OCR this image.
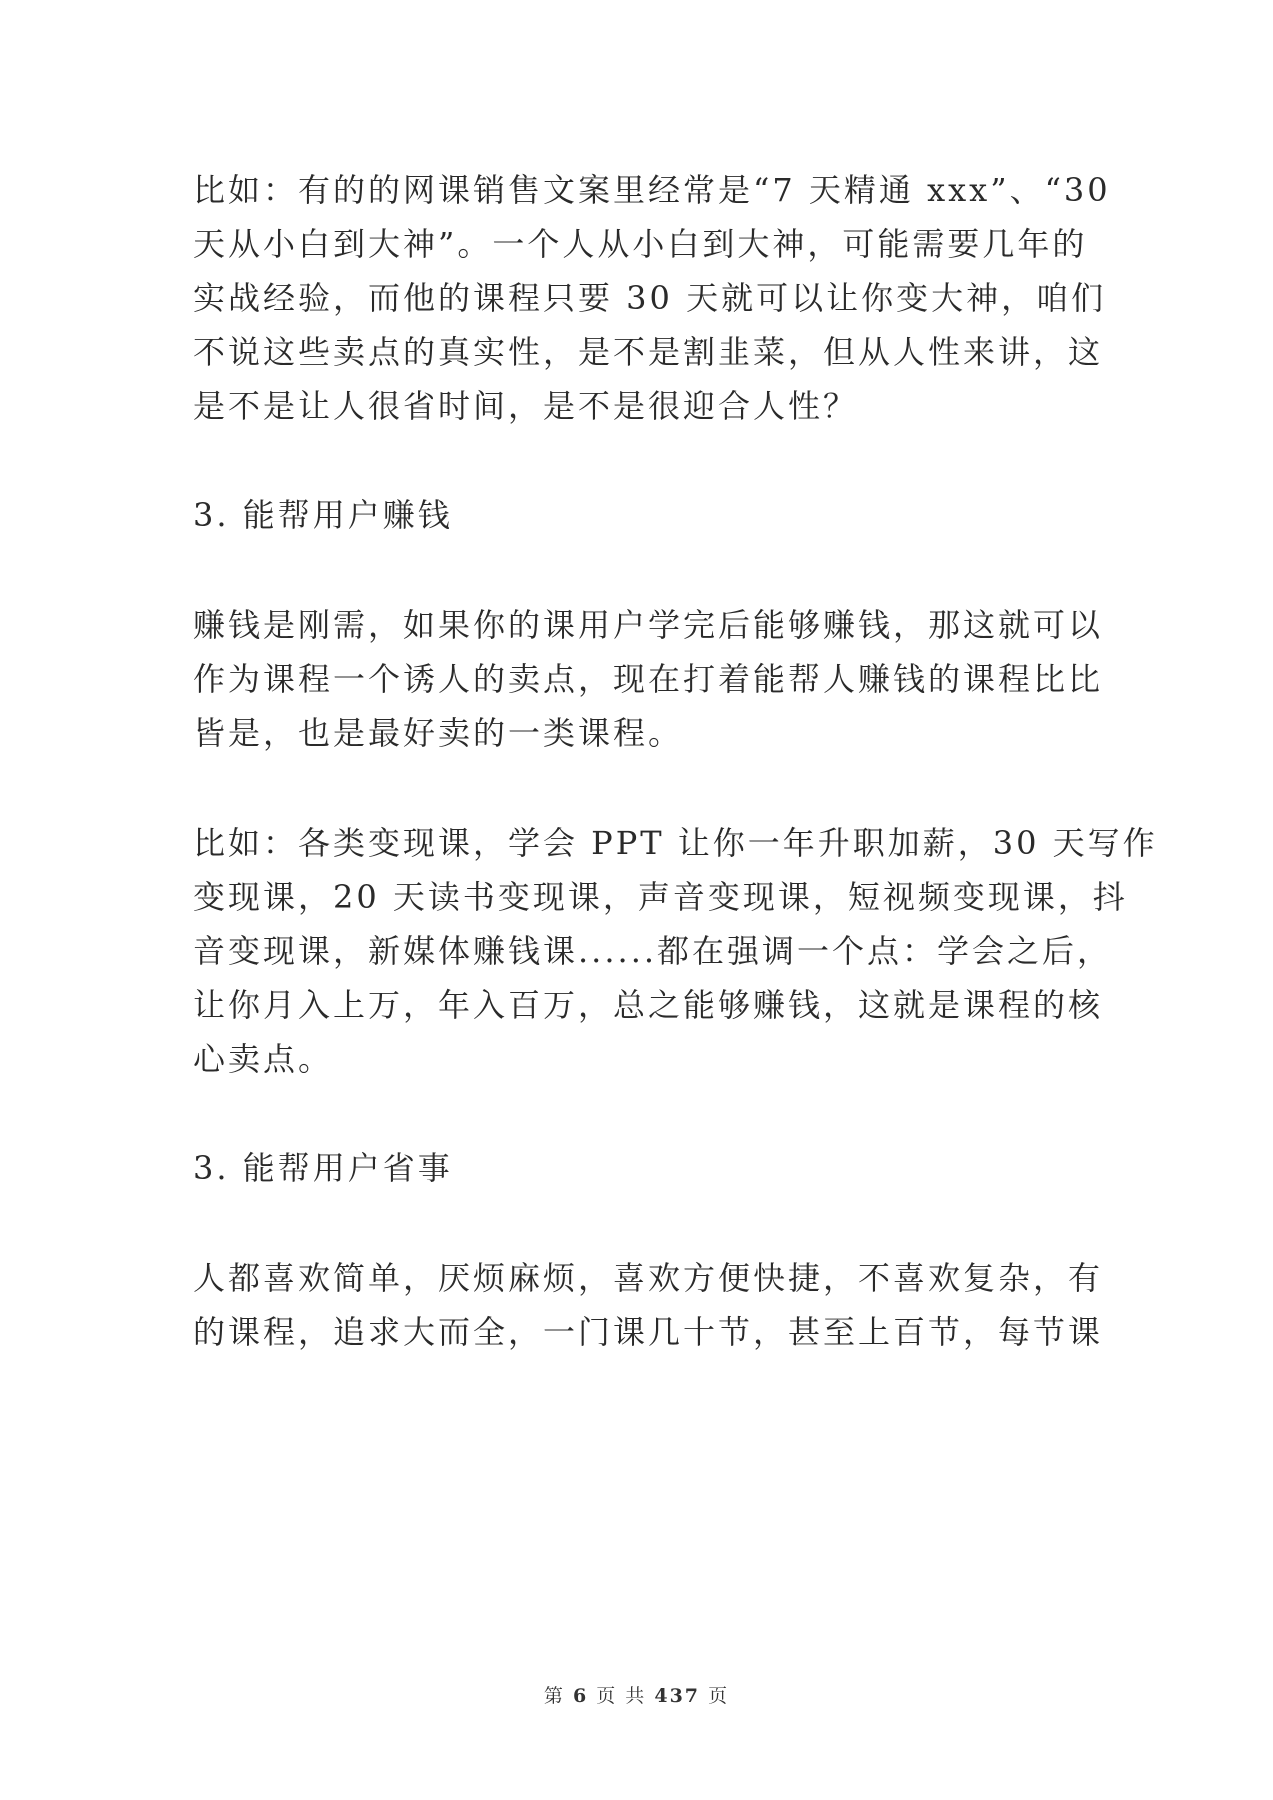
比如：有的的网课销售文案里经常是“7 天精通 xxx”、“30
天从小白到大神”。一个人从小白到大神，可能需要几年的
实战经验，而他的课程只要 30 天就可以让你变大神，咱们
不说这些卖点的真实性，是不是割韭菜，但从人性来讲，这
是不是让人很省时间，是不是很迎合人性？
3. 能帮用户赚钱
赚钱是刚需，如果你的课用户学完后能够赚钱，那这就可以
作为课程一个诱人的卖点，现在打着能帮人赚钱的课程比比
皆是，也是最好卖的一类课程。
比如：各类变现课，学会 PPT 让你一年升职加薪，30 天写作
变现课，20 天读书变现课，声音变现课，短视频变现课，抖
音变现课，新媒体赚钱课......都在强调一个点：学会之后，
让你月入上万，年入百万，总之能够赚钱，这就是课程的核
心卖点。
3. 能帮用户省事
人都喜欢简单，厌烦麻烦，喜欢方便快捷，不喜欢复杂，有
的课程，追求大而全，一门课几十节，甚至上百节，每节课
第 6 页 共 437 页
